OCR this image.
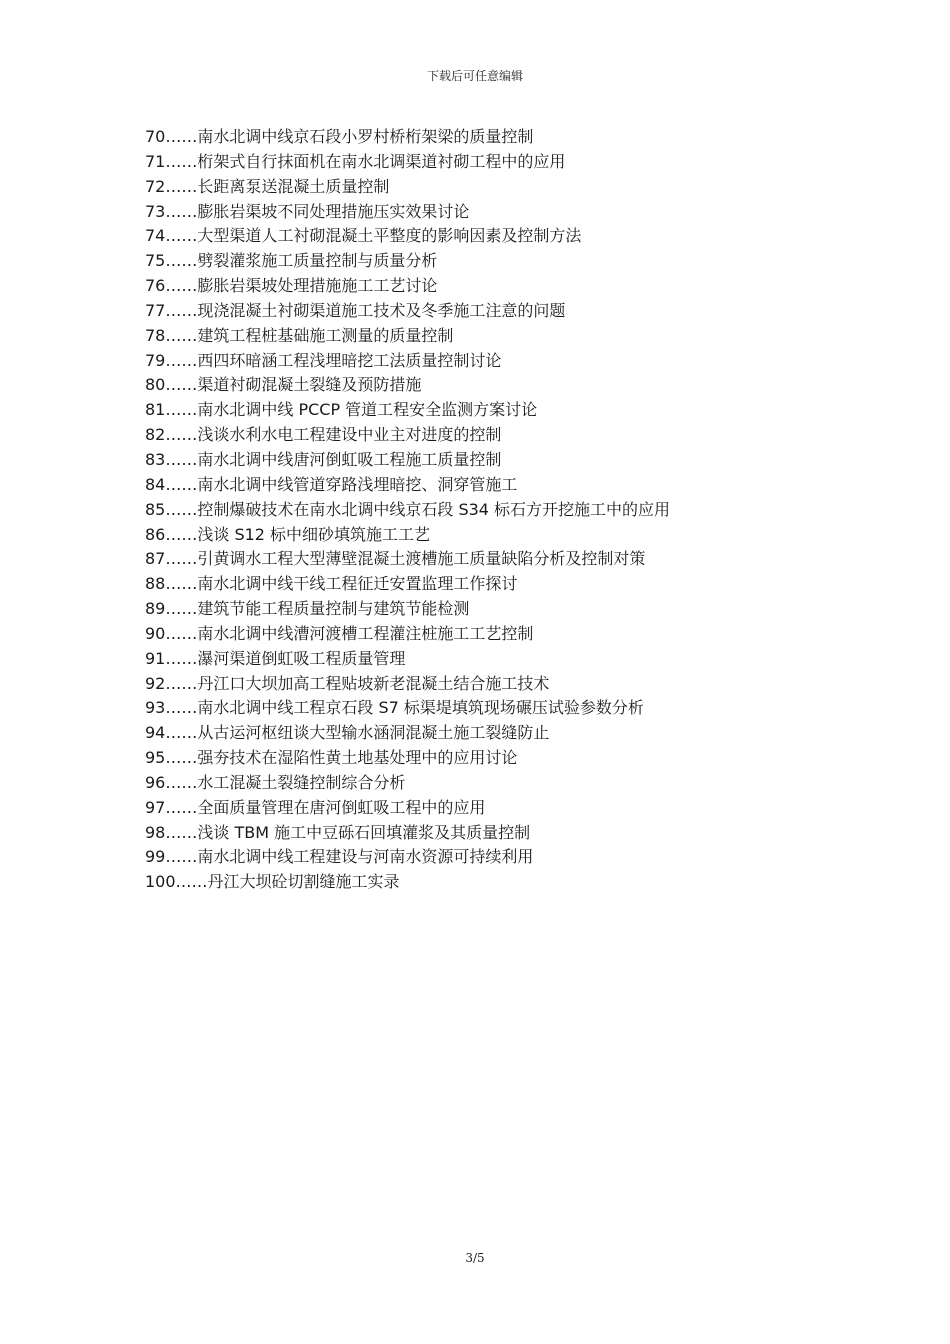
下载后可任意编辑
70……南水北调中线京石段小罗村桥桁架梁的质量控制
71……桁架式自行抹面机在南水北调渠道衬砌工程中的应用
72……长距离泵送混凝土质量控制
73……膨胀岩渠坡不同处理措施压实效果讨论
74……大型渠道人工衬砌混凝土平整度的影响因素及控制方法
75……劈裂灌浆施工质量控制与质量分析
76……膨胀岩渠坡处理措施施工工艺讨论
77……现浇混凝土衬砌渠道施工技术及冬季施工注意的问题
78……建筑工程桩基础施工测量的质量控制
79……西四环暗涵工程浅埋暗挖工法质量控制讨论
80……渠道衬砌混凝土裂缝及预防措施
81……南水北调中线 PCCP 管道工程安全监测方案讨论
82……浅谈水利水电工程建设中业主对进度的控制
83……南水北调中线唐河倒虹吸工程施工质量控制
84……南水北调中线管道穿路浅埋暗挖、洞穿管施工
85……控制爆破技术在南水北调中线京石段 S34 标石方开挖施工中的应用
86……浅谈 S12 标中细砂填筑施工工艺
87……引黄调水工程大型薄壁混凝土渡槽施工质量缺陷分析及控制对策
88……南水北调中线干线工程征迁安置监理工作探讨
89……建筑节能工程质量控制与建筑节能检测
90……南水北调中线漕河渡槽工程灌注桩施工工艺控制
91……瀑河渠道倒虹吸工程质量管理
92……丹江口大坝加高工程贴坡新老混凝土结合施工技术
93……南水北调中线工程京石段 S7 标渠堤填筑现场碾压试验参数分析
94……从古运河枢纽谈大型输水涵洞混凝土施工裂缝防止
95……强夯技术在湿陷性黄土地基处理中的应用讨论
96……水工混凝土裂缝控制综合分析
97……全面质量管理在唐河倒虹吸工程中的应用
98……浅谈 TBM 施工中豆砾石回填灌浆及其质量控制
99……南水北调中线工程建设与河南水资源可持续利用
100……丹江大坝砼切割缝施工实录
3/5
